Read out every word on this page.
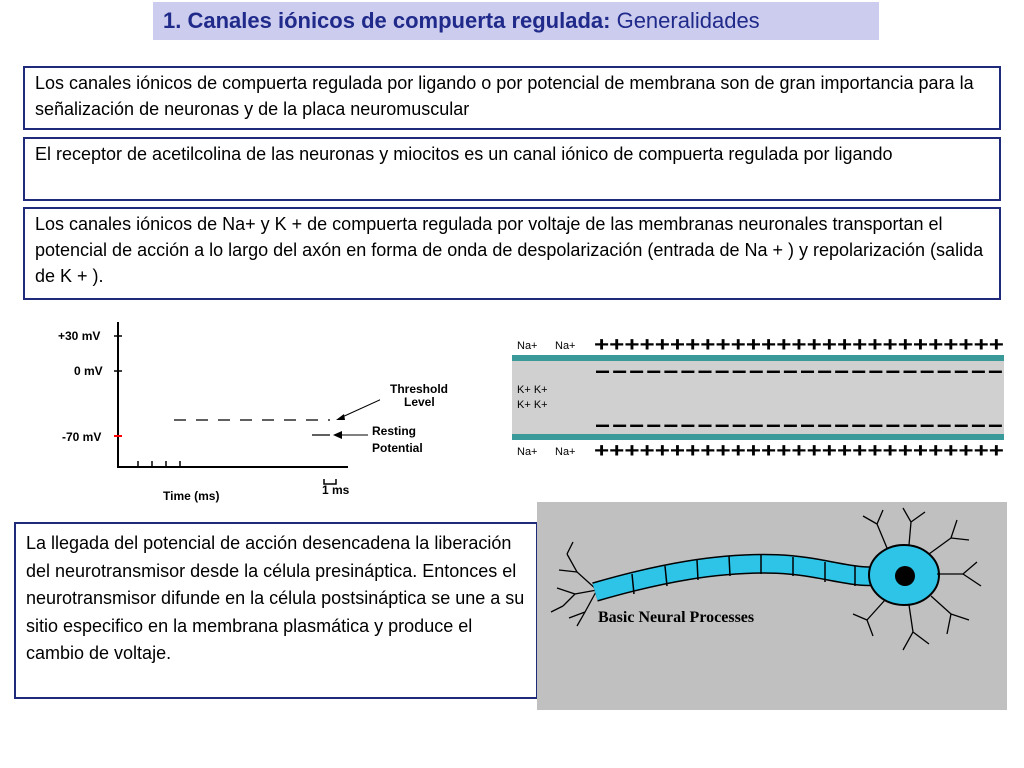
1. Canales iónicos de compuerta regulada: Generalidades
Los canales iónicos de compuerta regulada por ligando o por potencial de membrana son de gran importancia para la señalización de neuronas y de la placa neuromuscular
El receptor de acetilcolina de las neuronas y miocitos es un canal iónico de compuerta regulada por ligando
Los canales iónicos de Na+ y K + de compuerta regulada por voltaje de las membranas neuronales transportan el potencial de acción a lo largo del axón en forma de onda de despolarización (entrada de Na + ) y repolarización (salida de K + ).
La llegada del potencial de acción desencadena la liberación del neurotransmisor desde la célula presináptica. Entonces el neurotransmisor difunde en la célula postsináptica se une a su sitio especifico en la membrana plasmática y produce el cambio de voltaje.
+30 mV
0 mV
-70 mV
1 ms
Time (ms)
Threshold
Level
Resting
Potential
Na+ Na+ +++++++++++++++++++++++++++
------------------------
K+ K+
K+ K+
------------------------
Na+ Na+ +++++++++++++++++++++++++++
Basic Neural Processes
